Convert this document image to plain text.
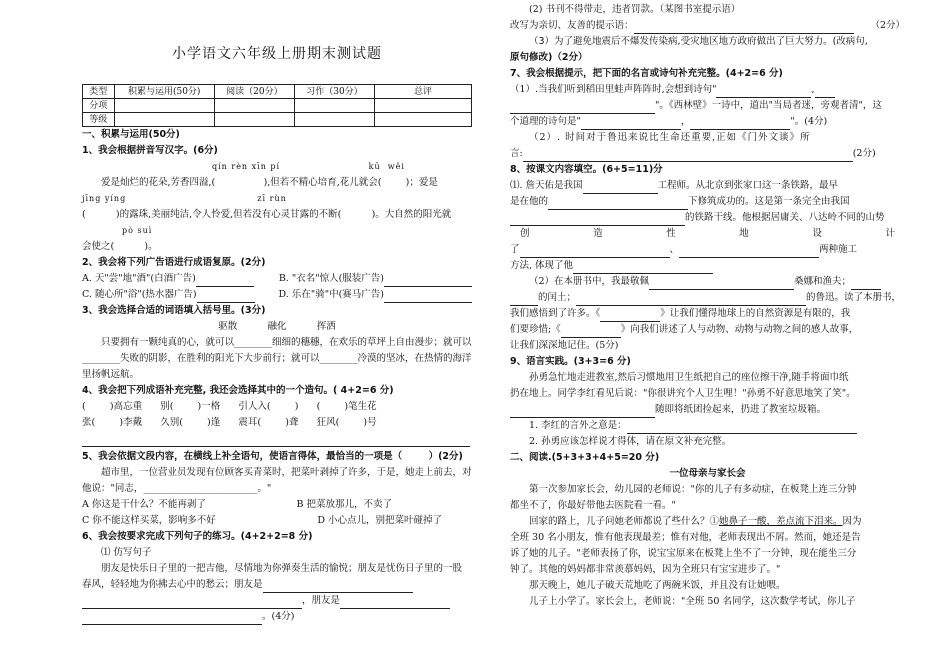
小学语文六年级上册期末测试题
类型	积累与运用(50分)	阅读（20分）	习作（30分）	总评
分项				
等级				

一、积累与运用(50分)

1、我会根据拼音写汉字。(6分)

qín rèn xīn pí                         kū  wěi

爱是灿烂的花朵,芳香四溢,(                ),但若不精心培育,花儿就会(        )；爱是

jīng yíng                                     zī rùn

(          )的露珠,美丽纯洁,令人怜爱,但若没有心灵甘露的不断(          )。大自然的阳光就

pò suì

会使之(          )。

2、我会将下列广告语进行成语复原。(2分)

A. 天"尝"地"酒"(白酒广告)	B. "衣名"惊人(服装广告)
C. 随心所"浴"(热水器广告)	D. 乐在"骑"中(赛马广告)

3、我会选择合适的词语填入括号里。(3分)

驱散          融化          挥洒

只要拥有一颗纯真的心，就可以________细细的穗穗，在欢乐的草坪上自由漫步；就可以

________失败的阴影，在胜利的阳光下大步前行；就可以________冷漠的坚冰，在热情的海洋

里扬帆远航。

4、我会把下列成语补充完整, 我还会选择其中的一个造句。( 4+2=6 分)

(        )高忘重      别(        )一格      引人入(        )      (        )笔生花

张(        )李戴      久别(        )逢      震耳(        )聋      狂风(        )号

5、我会依据文段内容，在横线上补全语句，使语言得体，最恰当的一项是（        ）(2分)

超市里，一位营业员发现有位顾客买青菜时，把菜叶剥掉了许多，于是，她走上前去，对

他说："同志，________________________。"

A 你这是干什么？不能再剥了	B 把菜放那儿，不卖了
C 你不能这样买菜，影响多不好	D 小心点儿，别把菜叶碰掉了

6、我会按要求完成下列句子的练习。(4+2+2=8 分)

⑴ 仿写句子

朋友是快乐日子里的一把吉他，尽情地为你弹奏生活的愉悦；朋友是忧伤日子里的一股

春风，轻轻地为你拂去心中的愁云；朋友是

，朋友是

。(4分)

(2) 书刊不得带走，违者罚款。（某图书室提示语）

改写为亲切、友善的提示语：	（2分）

（3）为了避免地震后不爆发传染病,受灾地区地方政府做出了巨大努力。(改病句,

原句修改)（2分）

7、我会根据提示，把下面的名言或诗句补充完整。(4+2=6 分)

（1）.当我们听到稻田里蛙声阵阵时,会想到诗句"	,

"。《西林壁》一诗中，道出"当局者迷，旁观者清"，这

个道理的诗句是"	，	"。(4分)

（2）. 时间对于鲁迅来说比生命还重要,正如《门外文谈》所

言:	(2分)

8、按课文内容填空。(6+5=11)分

⑴. 詹天佑是我国	工程师。从北京到张家口这一条铁路，最早

是在他的	下修筑成功的。这是第一条完全由我国

的铁路干线。他根据居庸关、八达岭不同的山势

创	造	性	地	设	计

了	、	两种施工

方法, 体现了他

（2）在本册书中，我最敬佩	桑娜和渔夫；

的闰土；	的鲁迅。读了本册书，

我们感悟到了许多。《	》让我们懂得地球上的自然资源是有限的，我

们要珍惜;《	》向我们讲述了人与动物、动物与动物之间的感人故事，

让我们深深地记住。(5分)

9、语言实践。(3+3=6 分)

孙勇急忙地走进教室,然后习惯地用卫生纸把自己的座位擦干净,随手将面巾纸

扔在地上。同学李红看见后说："你很讲究个人卫生哩！"孙勇不好意思地笑了笑"。

随即将纸团捡起来，扔进了教室垃圾箱。

1. 李红的言外之意是：

2. 孙勇应该怎样说才得体，请在原文补充完整。

二、阅读.(5+3+3+4+5=20 分)

一位母亲与家长会

第一次参加家长会，幼儿园的老师说："你的儿子有多动症，在板凳上连三分钟

都坐不了，你最好带他去医院看一看。"

回家的路上，儿子问她老师都说了些什么？①她鼻子一酸，差点流下泪来。因为

全班 30 名小朋友，惟有他表现最差；惟有对他，老师表现出不屑。然而，她还是告

诉了她的儿子。"老师表扬了你，说宝宝原来在板凳上坐不了一分钟，现在能坐三分

钟了。其他的妈妈都非常羡慕妈妈，因为全班只有宝宝进步了。"

那天晚上，她儿子破天荒地吃了两碗米饭，并且没有让她喂。

儿子上小学了。家长会上，老师说："全班 50 名同学，这次数学考试，你儿子
